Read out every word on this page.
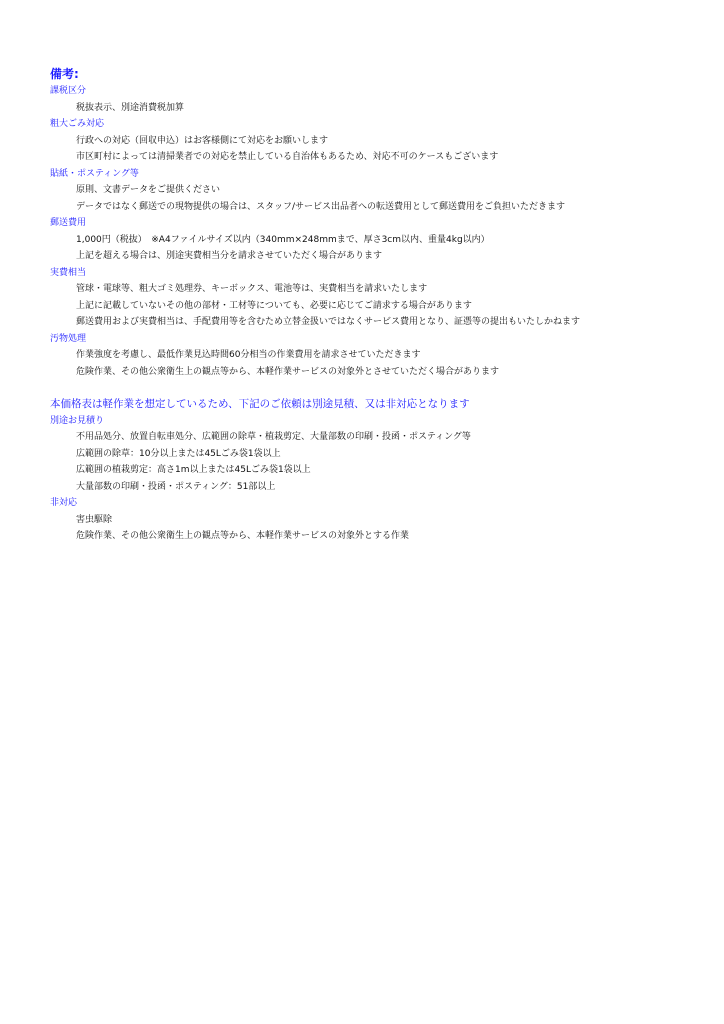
備考:
課税区分
税抜表示、別途消費税加算
粗大ごみ対応
行政への対応（回収申込）はお客様側にて対応をお願いします
市区町村によっては清掃業者での対応を禁止している自治体もあるため、対応不可のケースもございます
貼紙・ポスティング等
原則、文書データをご提供ください
データではなく郵送での現物提供の場合は、スタッフ/サービス出品者への転送費用として郵送費用をご負担いただきます
郵送費用
1,000円（税抜）　※A4ファイルサイズ以内（340mm×248mmまで、厚さ3cm以内、重量4kg以内）
上記を超える場合は、別途実費相当分を請求させていただく場合があります
実費相当
管球・電球等、粗大ゴミ処理券、キーボックス、電池等は、実費相当を請求いたします
上記に記載していないその他の部材・工材等についても、必要に応じてご請求する場合があります
郵送費用および実費相当は、手配費用等を含むため立替金扱いではなくサービス費用となり、証憑等の提出もいたしかねます
汚物処理
作業強度を考慮し、最低作業見込時間60分相当の作業費用を請求させていただきます
危険作業、その他公衆衛生上の観点等から、本軽作業サービスの対象外とさせていただく場合があります
本価格表は軽作業を想定しているため、下記のご依頼は別途見積、又は非対応となります
別途お見積り
不用品処分、放置自転車処分、広範囲の除草・植栽剪定、大量部数の印刷・投函・ポスティング等
広範囲の除草：10分以上または45Lごみ袋1袋以上
広範囲の植栽剪定：高さ1m以上または45Lごみ袋1袋以上
大量部数の印刷・投函・ポスティング：51部以上
非対応
害虫駆除
危険作業、その他公衆衛生上の観点等から、本軽作業サービスの対象外とする作業
